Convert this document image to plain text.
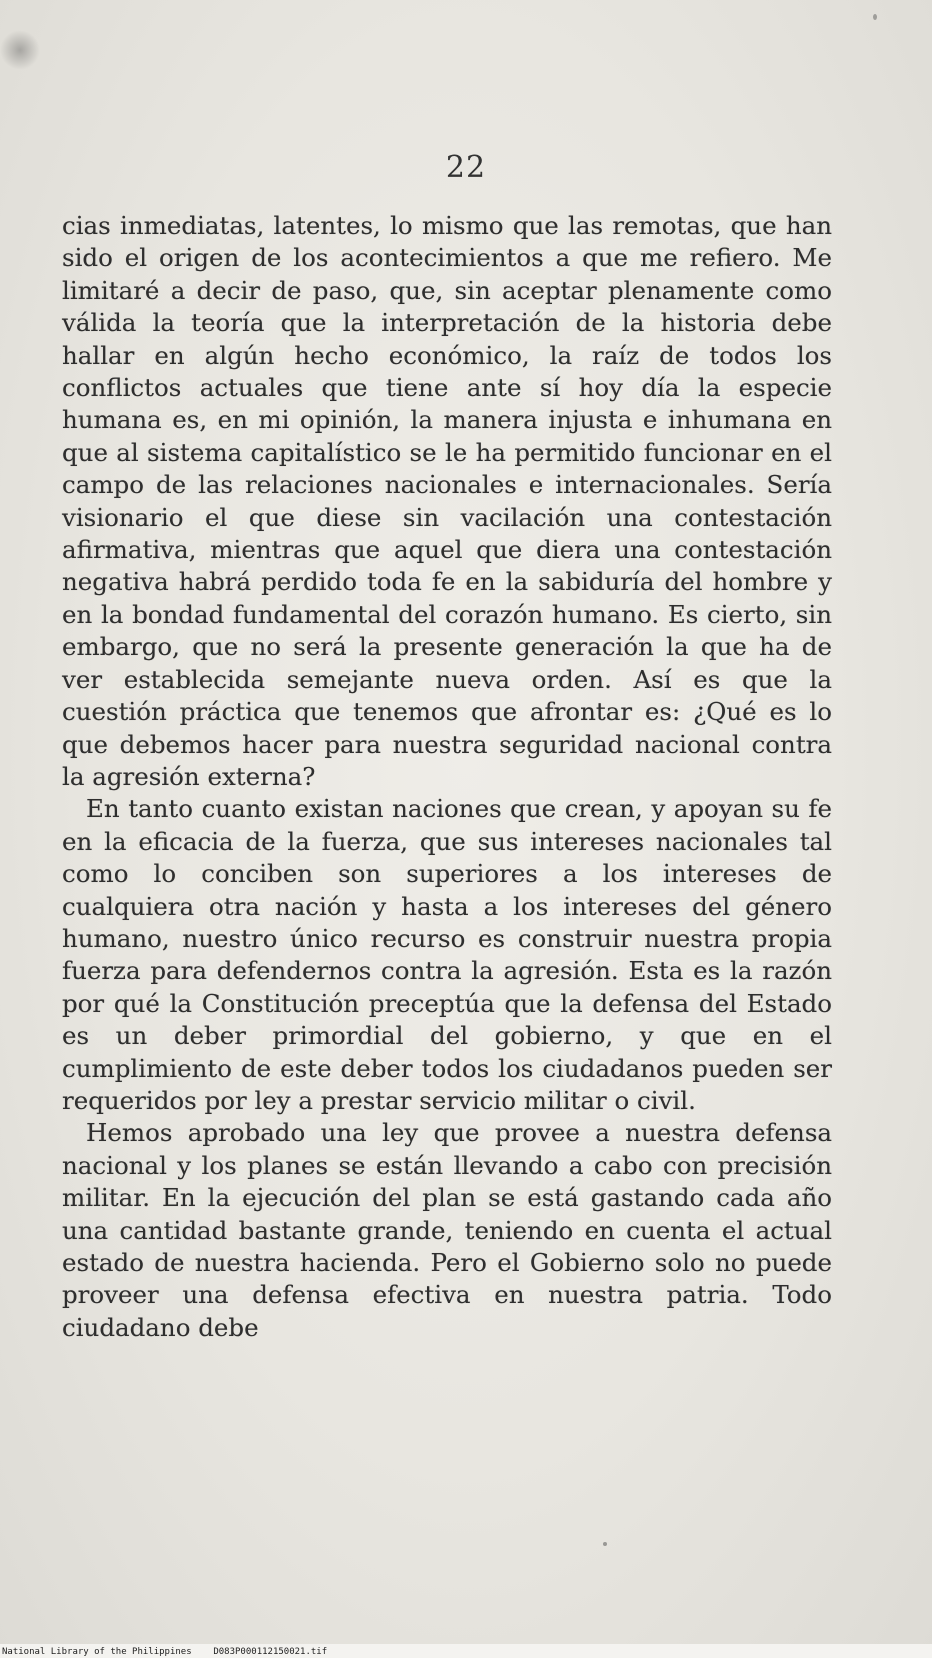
22

cias inmediatas, latentes, lo mismo que las remotas, que han sido el origen de los acontecimientos a que me refiero. Me limitaré a decir de paso, que, sin aceptar plenamente como válida la teoría que la interpretación de la historia debe hallar en algún hecho económico, la raíz de todos los conflictos actuales que tiene ante sí hoy día la especie humana es, en mi opinión, la manera injusta e inhumana en que al sistema capitalístico se le ha permitido funcionar en el campo de las relaciones nacionales e internacionales. Sería visionario el que diese sin vacilación una contestación afirmativa, mientras que aquel que diera una contestación negativa habrá perdido toda fe en la sabiduría del hombre y en la bondad fundamental del corazón humano. Es cierto, sin embargo, que no será la presente generación la que ha de ver establecida semejante nueva orden. Así es que la cuestión práctica que tenemos que afrontar es: ¿Qué es lo que debemos hacer para nuestra seguridad nacional contra la agresión externa?

En tanto cuanto existan naciones que crean, y apoyan su fe en la eficacia de la fuerza, que sus intereses nacionales tal como lo conciben son superiores a los intereses de cualquiera otra nación y hasta a los intereses del género humano, nuestro único recurso es construir nuestra propia fuerza para defendernos contra la agresión. Esta es la razón por qué la Constitución preceptúa que la defensa del Estado es un deber primordial del gobierno, y que en el cumplimiento de este deber todos los ciudadanos pueden ser requeridos por ley a prestar servicio militar o civil.

Hemos aprobado una ley que provee a nuestra defensa nacional y los planes se están llevando a cabo con precisión militar. En la ejecución del plan se está gastando cada año una cantidad bastante grande, teniendo en cuenta el actual estado de nuestra hacienda. Pero el Gobierno solo no puede proveer una defensa efectiva en nuestra patria. Todo ciudadano debe

National Library of the Philippines D083P000112150021.tif
